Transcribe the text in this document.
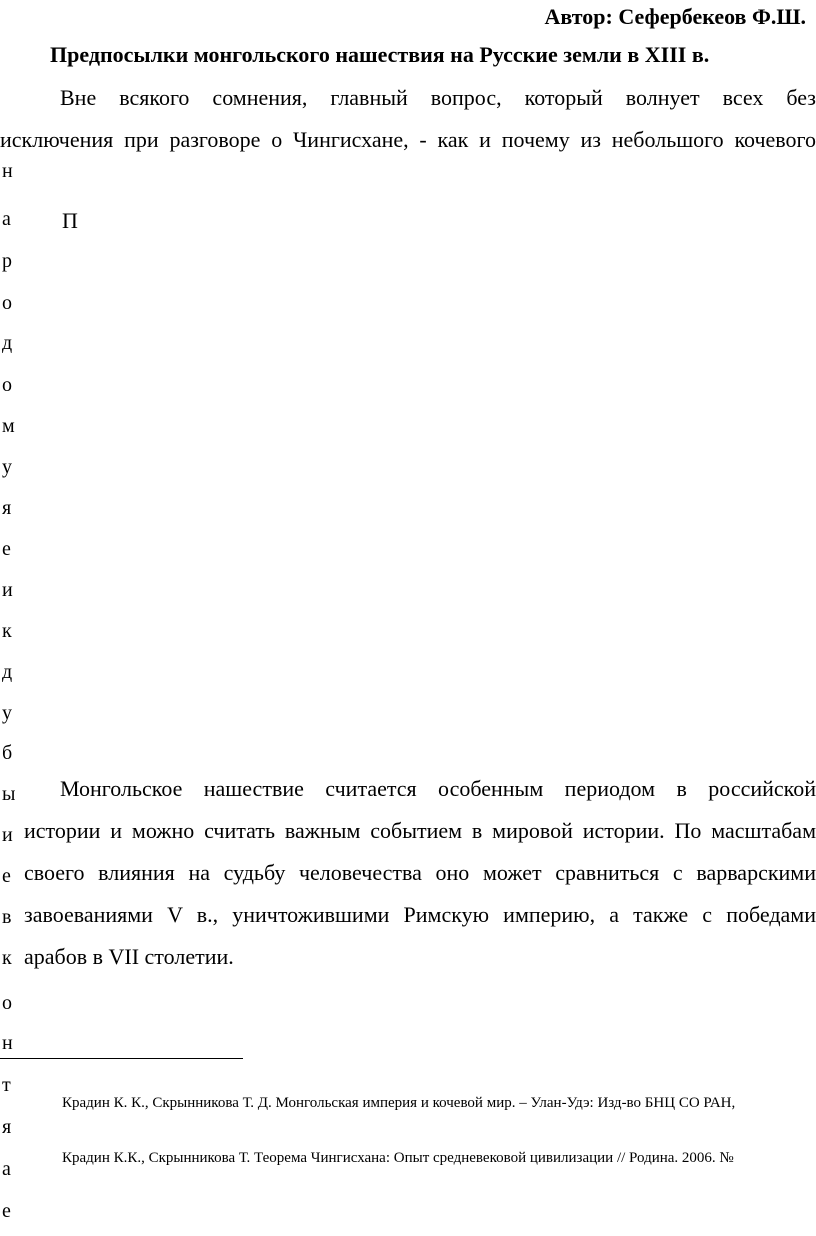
Автор: Сефербекеов Ф.Ш.
Предпосылки монгольского нашествия на Русские земли в XIII в.
Вне всякого сомнения, главный вопрос, который волнует всех без
исключения при разговоре о Чингисхане, - как и почему из небольшого кочевого
н
а
р
о
д
о
м
у
я
е
и
к
д
у
б
ы
и
е
в
к
о
н
т
я
а
е
П
Монгольское нашествие считается особенным периодом в российской
истории и можно считать важным событием в мировой истории. По масштабам
своего влияния на судьбу человечества оно может сравниться с варварскими
завоеваниями V в., уничтожившими Римскую империю, а также с победами
арабов в VII столетии.
Крадин К. К., Скрынникова Т. Д. Монгольская империя и кочевой мир. – Улан-Удэ: Изд-во БНЦ СО РАН,
Крадин К.К., Скрынникова Т. Теорема Чингисхана: Опыт средневековой цивилизации // Родина. 2006. №
